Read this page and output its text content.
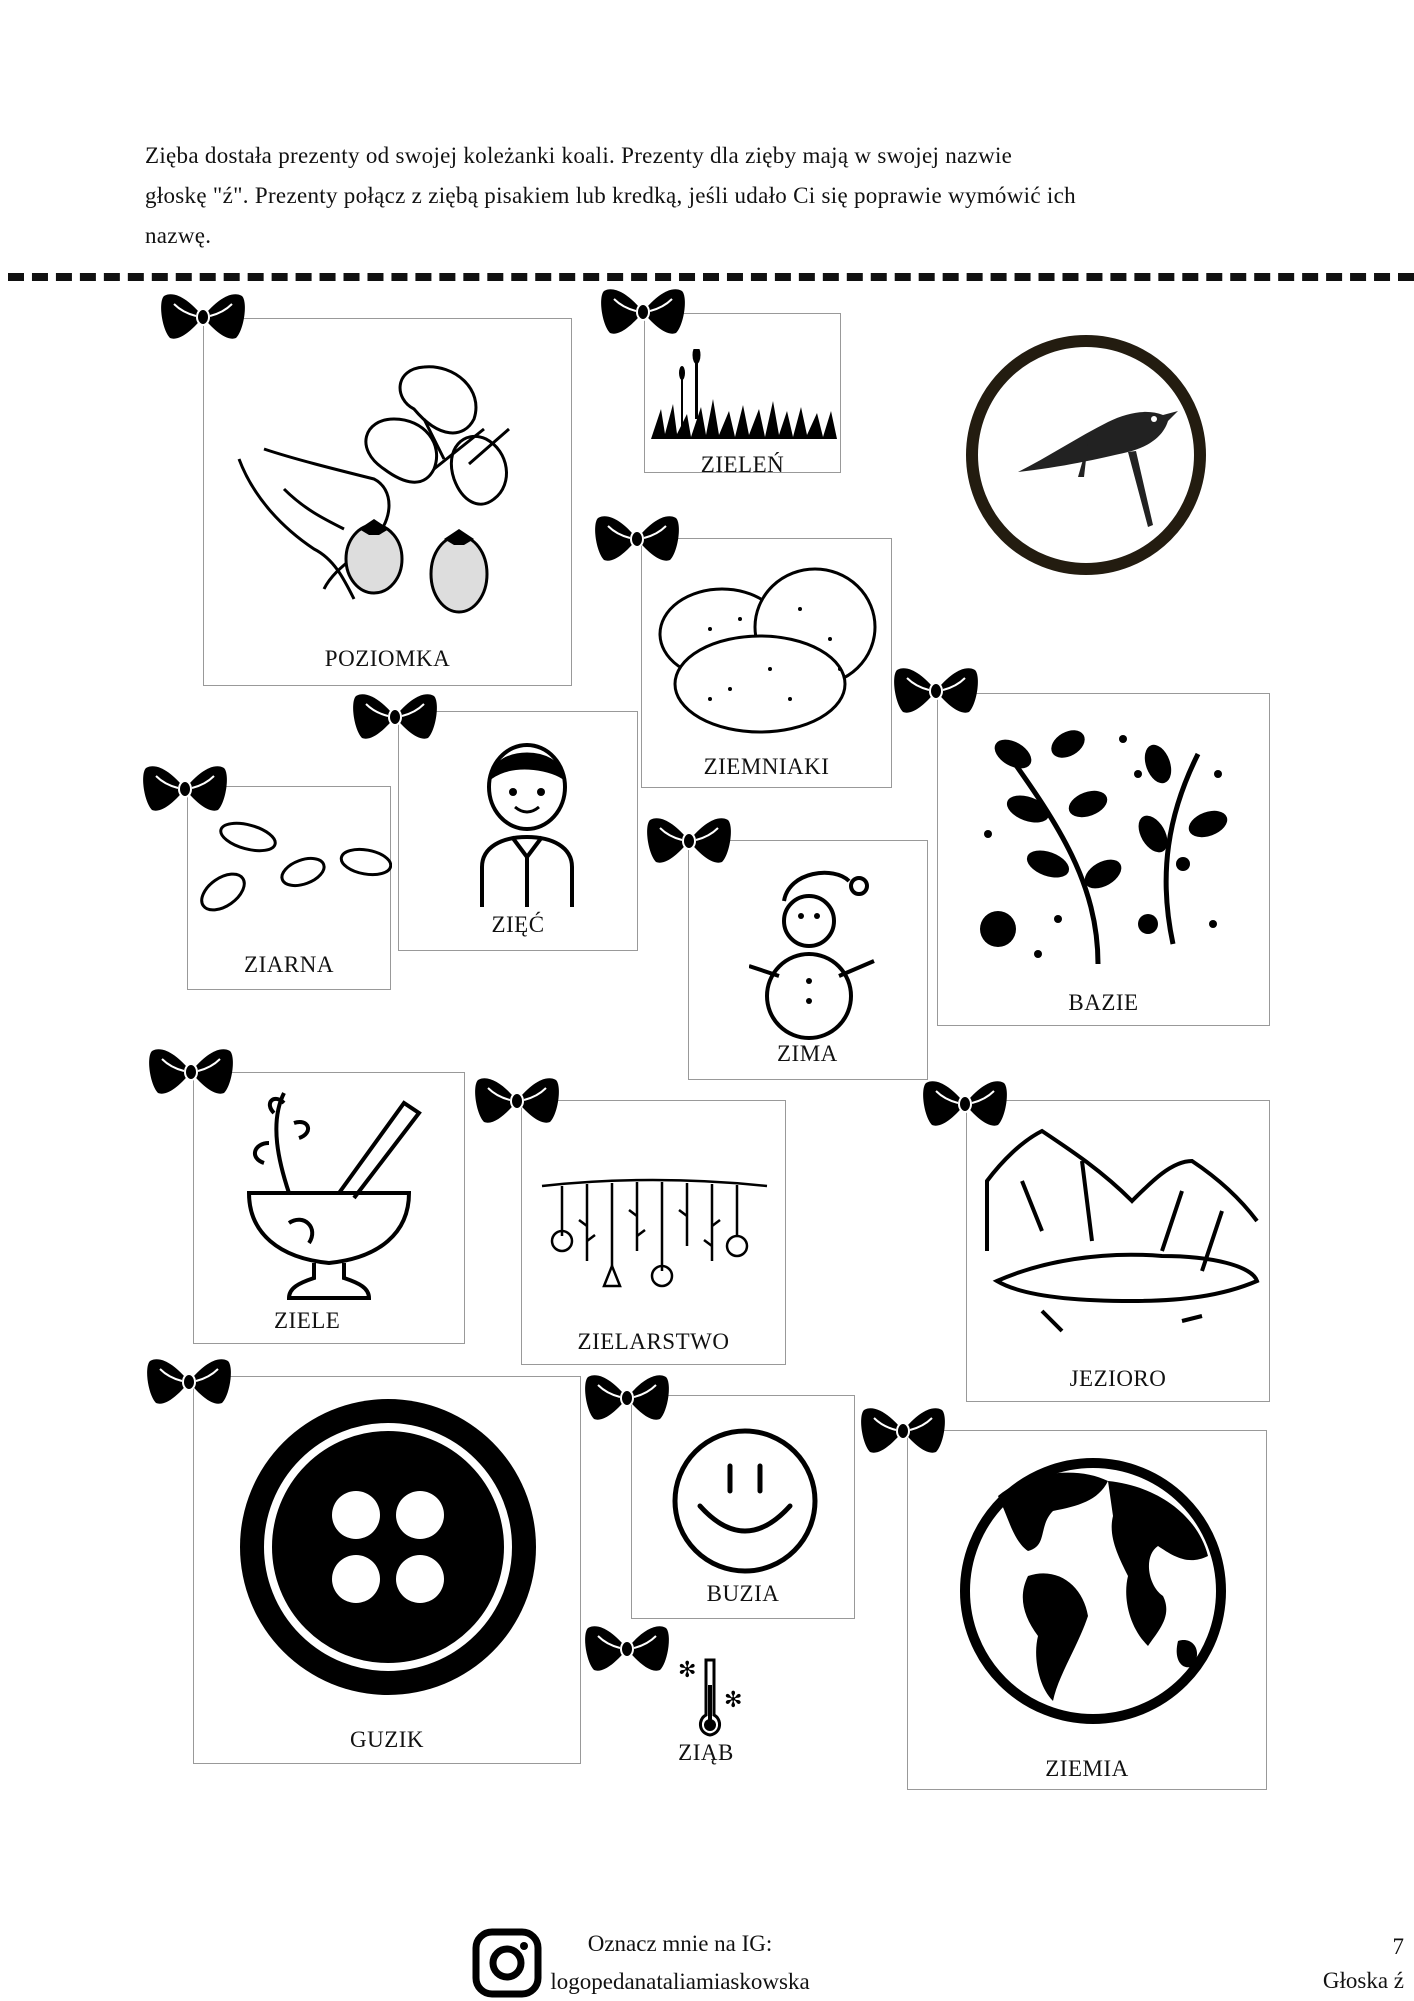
Zięba dostała prezenty od swojej koleżanki koali. Prezenty dla zięby mają w swojej nazwie
głoskę "ź". Prezenty połącz z ziębą pisakiem lub kredką, jeśli udało Ci się poprawie wymówić ich
nazwę.
POZIOMKA
ZIELEŃ
ZIEMNIAKI
ZIĘĆ
ZIARNA
ZIMA
BAZIE
ZIELE
ZIELARSTWO
JEZIORO
GUZIK
BUZIA
✻
✻
ZIĄB
ZIEMIA
Oznacz mnie na IG:
logopedanataliamiaskowska
7
Głoska ź
